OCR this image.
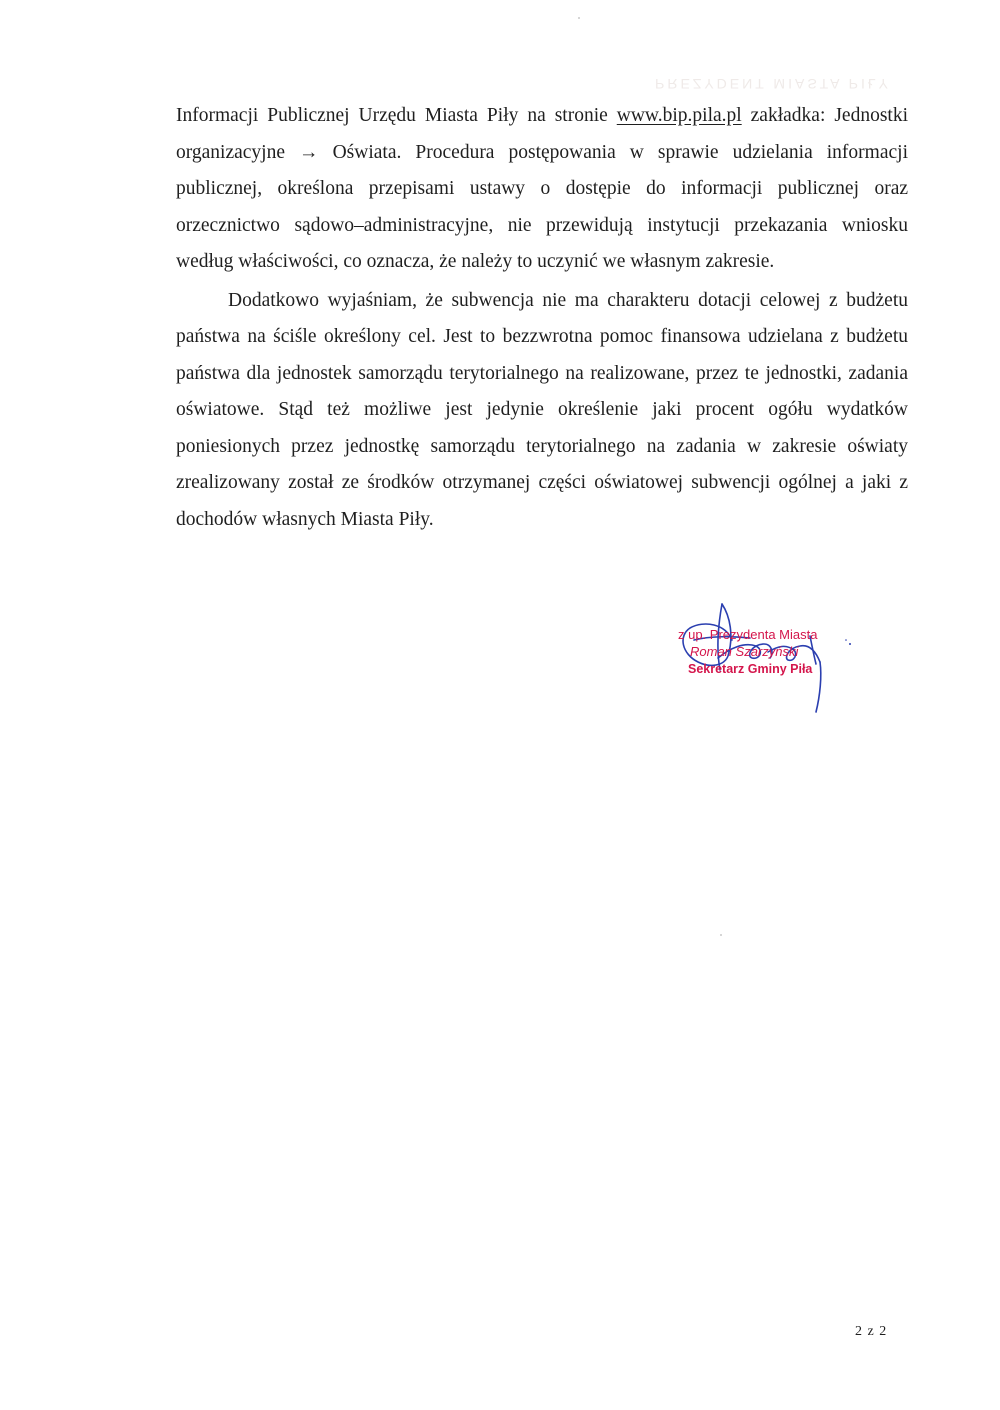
PREZYDENT MIASTA PIŁY

Informacji Publicznej Urzędu Miasta Piły na stronie www.bip.pila.pl zakładka: Jednostki organizacyjne → Oświata. Procedura postępowania w sprawie udzielania informacji publicznej, określona przepisami ustawy o dostępie do informacji publicznej oraz orzecznictwo sądowo–administracyjne, nie przewidują instytucji przekazania wniosku według właściwości, co oznacza, że należy to uczynić we własnym zakresie.

Dodatkowo wyjaśniam, że subwencja nie ma charakteru dotacji celowej z budżetu państwa na ściśle określony cel. Jest to bezzwrotna pomoc finansowa udzielana z budżetu państwa dla jednostek samorządu terytorialnego na realizowane, przez te jednostki, zadania oświatowe. Stąd też możliwe jest jedynie określenie jaki procent ogółu wydatków poniesionych przez jednostkę samorządu terytorialnego na zadania w zakresie oświaty zrealizowany został ze środków otrzymanej części oświatowej subwencji ogólnej a jaki z dochodów własnych Miasta Piły.

z up. Prezydenta Miasta
Roman Szarzyński
Sekretarz Gminy Piła
2 z 2
